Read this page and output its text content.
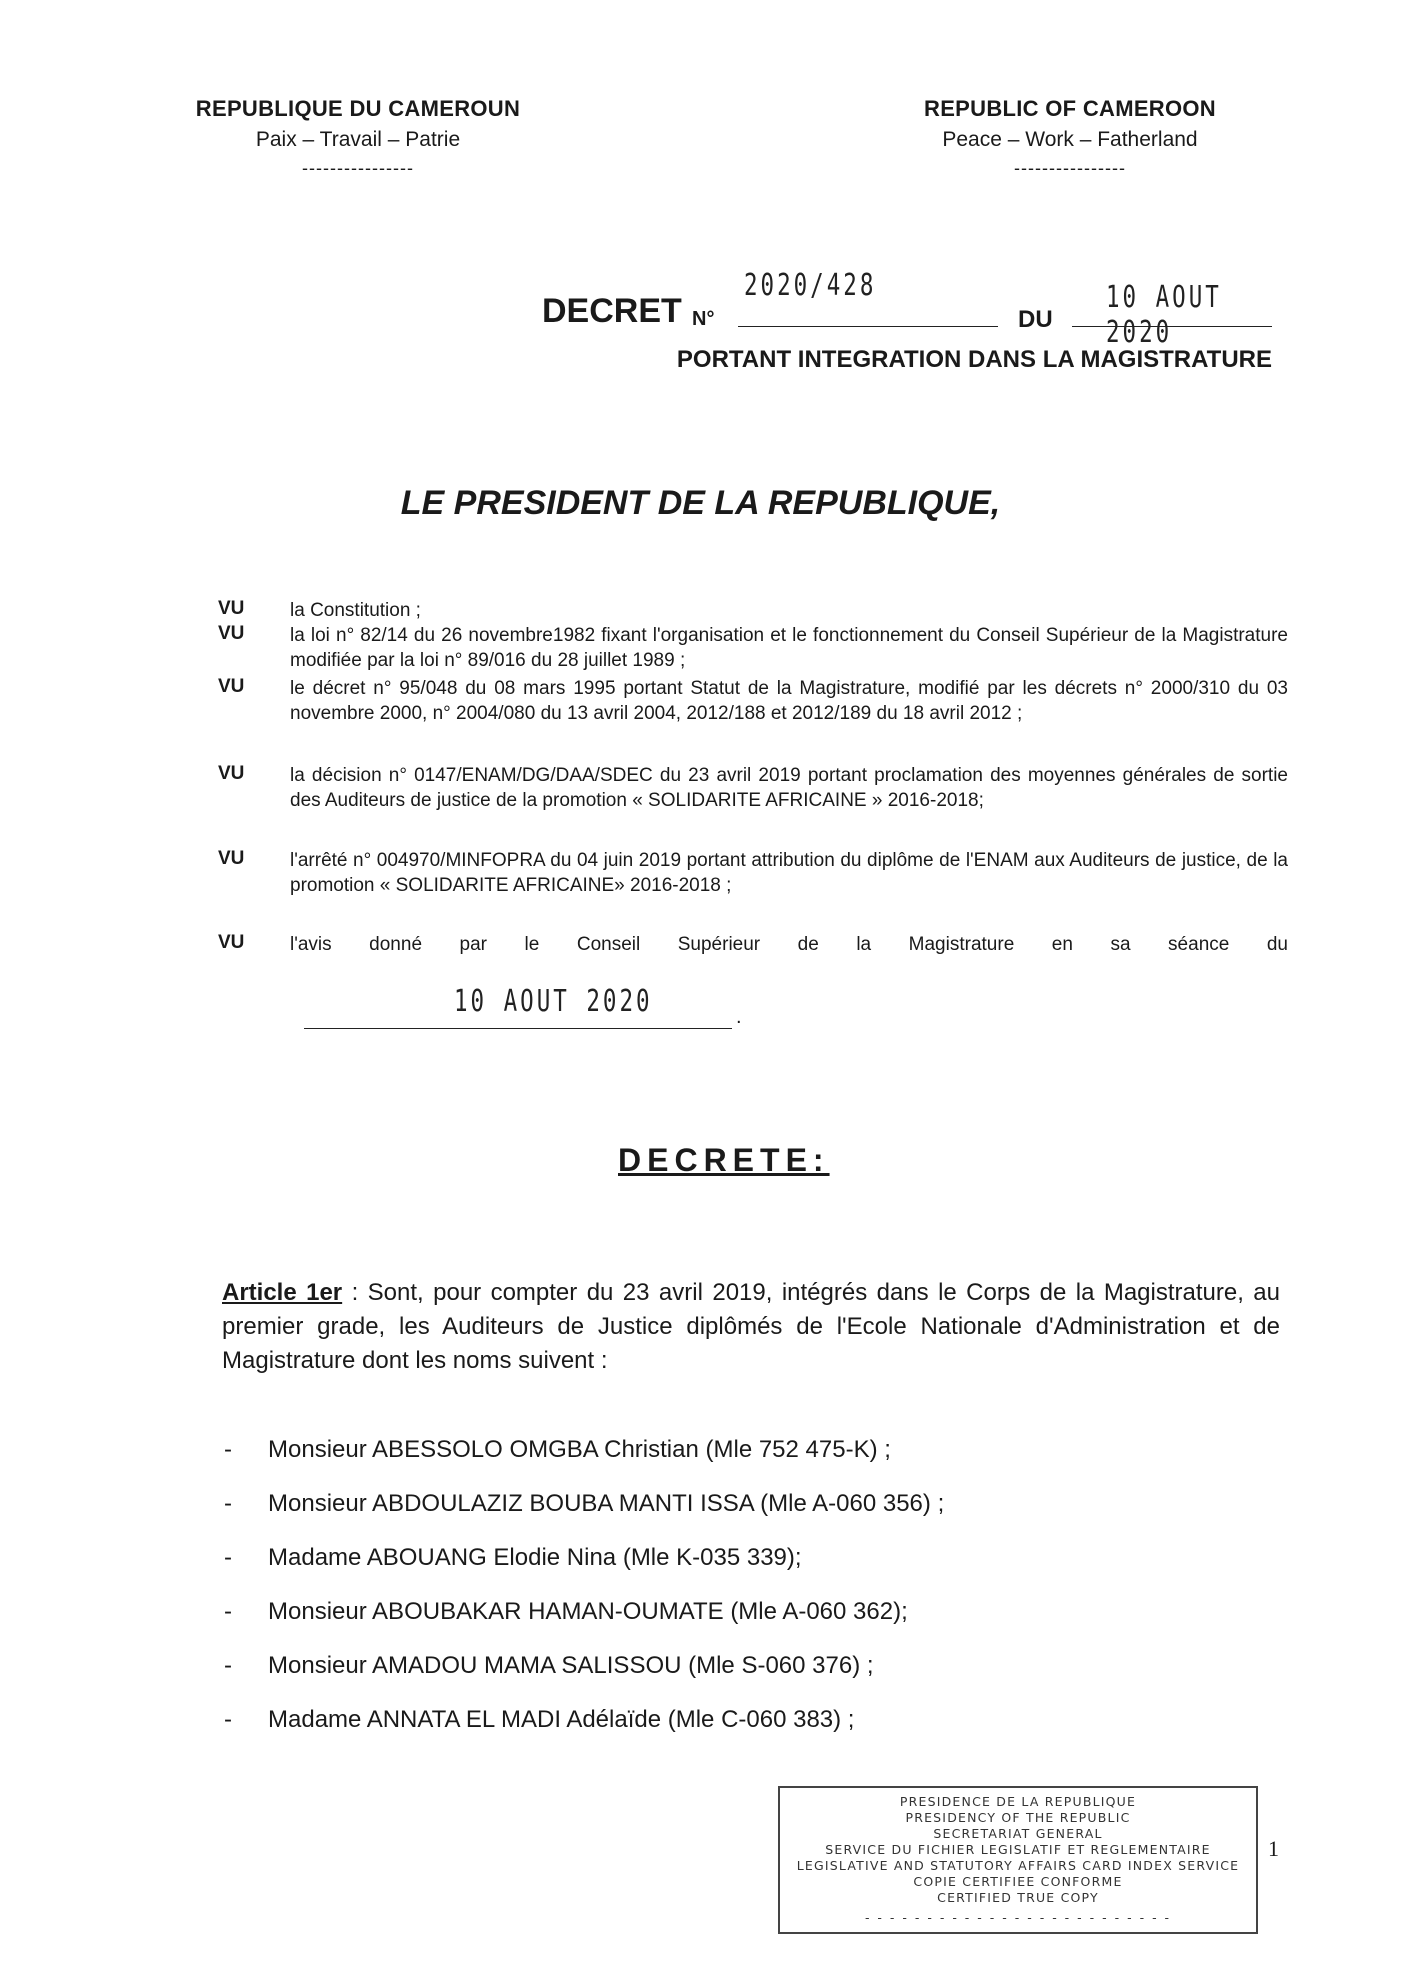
REPUBLIQUE DU CAMEROUN
Paix – Travail – Patrie
----------------
REPUBLIC OF CAMEROON
Peace – Work – Fatherland
----------------
DECRET N°
2020/428
DU
10 AOUT 2020
PORTANT INTEGRATION DANS LA MAGISTRATURE
LE PRESIDENT DE LA REPUBLIQUE,
VU	la Constitution ;
VU	la loi n° 82/14 du 26 novembre1982 fixant l'organisation et le fonctionnement du Conseil Supérieur de la Magistrature modifiée par la loi n° 89/016 du 28 juillet 1989 ;
VU	le décret n° 95/048 du 08 mars 1995 portant Statut de la Magistrature, modifié par les décrets n° 2000/310 du 03 novembre 2000, n° 2004/080 du 13 avril 2004, 2012/188 et 2012/189 du 18 avril 2012 ;
VU	la décision n° 0147/ENAM/DG/DAA/SDEC du 23 avril 2019 portant proclamation des moyennes générales de sortie des Auditeurs de justice de la promotion « SOLIDARITE AFRICAINE » 2016-2018;
VU	l'arrêté n° 004970/MINFOPRA du 04 juin 2019 portant attribution du diplôme de l'ENAM aux Auditeurs de justice, de la promotion « SOLIDARITE AFRICAINE» 2016-2018 ;
VU	l'avis donné par le Conseil Supérieur de la Magistrature en sa séance du
10 AOUT 2020	.
DECRETE:
Article 1er : Sont, pour compter du 23 avril 2019, intégrés dans le Corps de la Magistrature, au premier grade, les Auditeurs de Justice diplômés de l'Ecole Nationale d'Administration et de Magistrature dont les noms suivent :
-	Monsieur ABESSOLO OMGBA Christian (Mle 752 475-K) ;
-	Monsieur ABDOULAZIZ BOUBA MANTI ISSA (Mle A-060 356) ;
-	Madame ABOUANG Elodie Nina (Mle K-035 339);
-	Monsieur ABOUBAKAR HAMAN-OUMATE (Mle A-060 362);
-	Monsieur AMADOU MAMA SALISSOU (Mle S-060 376) ;
-	Madame ANNATA EL MADI Adélaïde (Mle C-060 383) ;
PRESIDENCE DE LA REPUBLIQUE
PRESIDENCY OF THE REPUBLIC
SECRETARIAT GENERAL
SERVICE DU FICHIER LEGISLATIF ET REGLEMENTAIRE
LEGISLATIVE AND STATUTORY AFFAIRS CARD INDEX SERVICE
COPIE CERTIFIEE CONFORME
CERTIFIED TRUE COPY
- - - - - - - - - - - - - - - - - - - - - - - - -
1
